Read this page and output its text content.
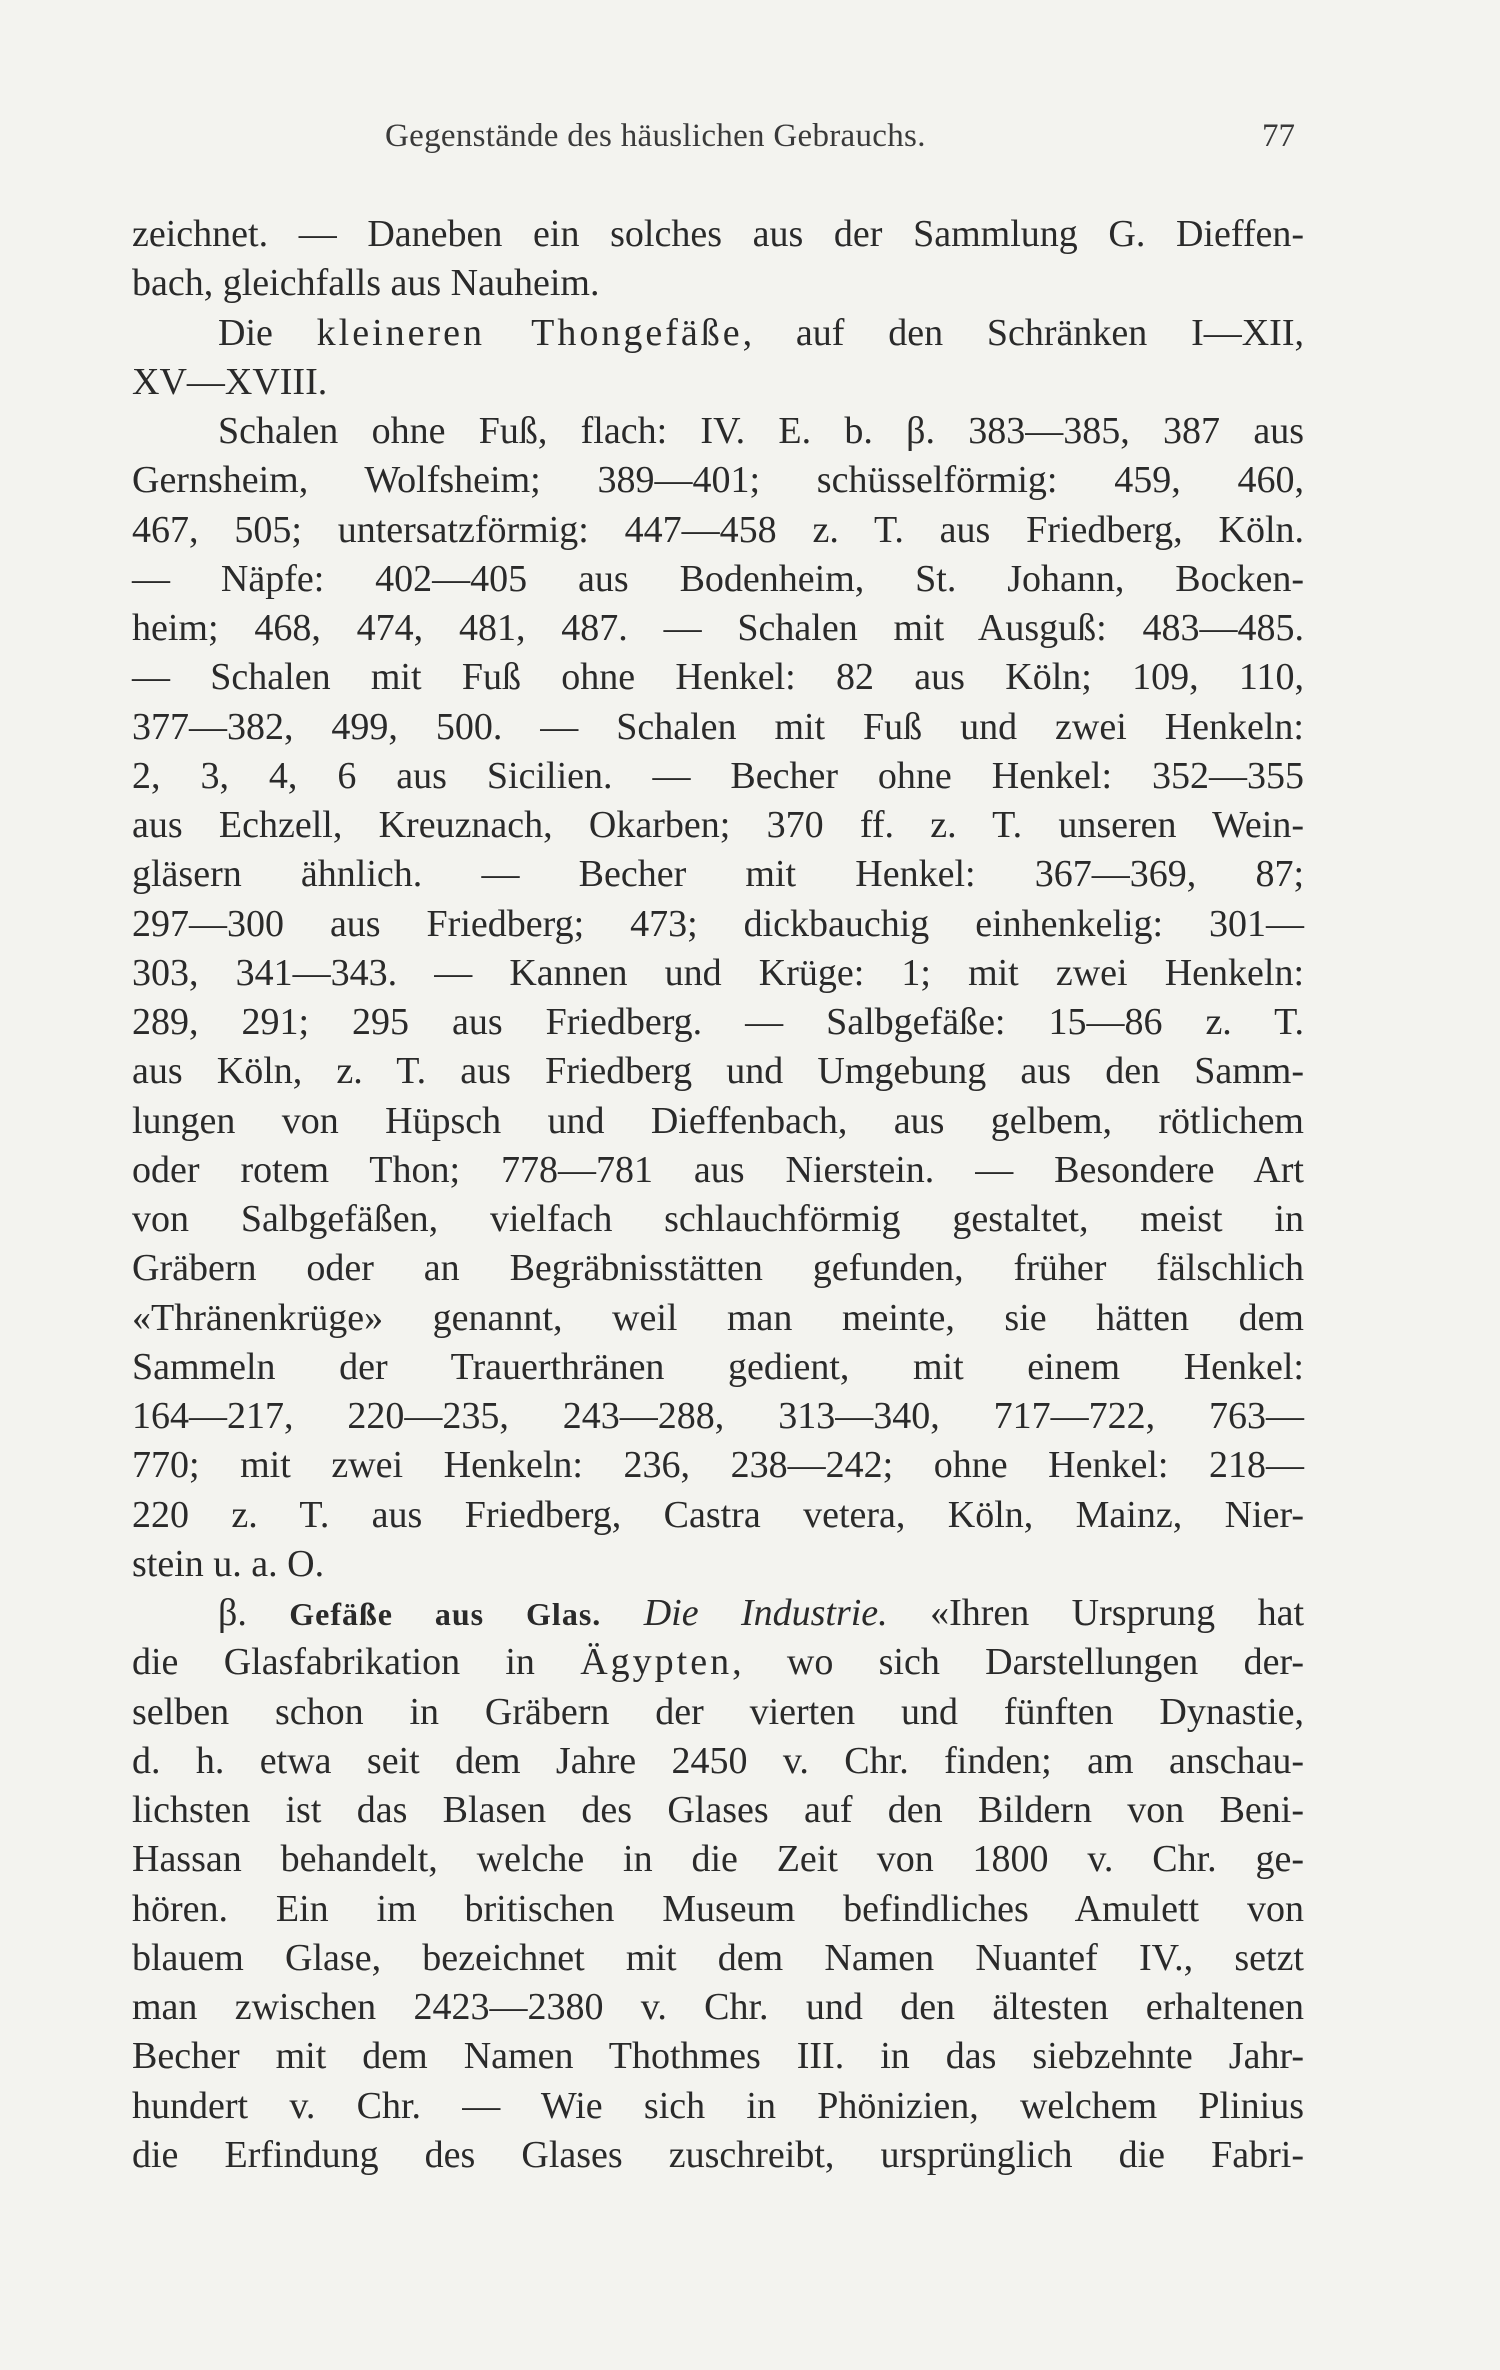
Gegenstände des häuslichen Gebrauchs.	77
zeichnet. — Daneben ein solches aus der Sammlung G. Dieffen-
bach, gleichfalls aus Nauheim.
Die kleineren Thongefäße, auf den Schränken I—XII,
XV—XVIII.
Schalen ohne Fuß, flach: IV. E. b. β. 383—385, 387 aus
Gernsheim, Wolfsheim; 389—401; schüsselförmig: 459, 460,
467, 505; untersatzförmig: 447—458 z. T. aus Friedberg, Köln.
— Näpfe: 402—405 aus Bodenheim, St. Johann, Bocken-
heim; 468, 474, 481, 487. — Schalen mit Ausguß: 483—485.
— Schalen mit Fuß ohne Henkel: 82 aus Köln; 109, 110,
377—382, 499, 500. — Schalen mit Fuß und zwei Henkeln:
2, 3, 4, 6 aus Sicilien. — Becher ohne Henkel: 352—355
aus Echzell, Kreuznach, Okarben; 370 ff. z. T. unseren Wein-
gläsern ähnlich. — Becher mit Henkel: 367—369, 87;
297—300 aus Friedberg; 473; dickbauchig einhenkelig: 301—
303, 341—343. — Kannen und Krüge: 1; mit zwei Henkeln:
289, 291; 295 aus Friedberg. — Salbgefäße: 15—86 z. T.
aus Köln, z. T. aus Friedberg und Umgebung aus den Samm-
lungen von Hüpsch und Dieffenbach, aus gelbem, rötlichem
oder rotem Thon; 778—781 aus Nierstein. — Besondere Art
von Salbgefäßen, vielfach schlauchförmig gestaltet, meist in
Gräbern oder an Begräbnisstätten gefunden, früher fälschlich
«Thränenkrüge» genannt, weil man meinte, sie hätten dem
Sammeln der Trauerthränen gedient, mit einem Henkel:
164—217, 220—235, 243—288, 313—340, 717—722, 763—
770; mit zwei Henkeln: 236, 238—242; ohne Henkel: 218—
220 z. T. aus Friedberg, Castra vetera, Köln, Mainz, Nier-
stein u. a. O.
β. Gefäße aus Glas. Die Industrie. «Ihren Ursprung hat
die Glasfabrikation in Ägypten, wo sich Darstellungen der-
selben schon in Gräbern der vierten und fünften Dynastie,
d. h. etwa seit dem Jahre 2450 v. Chr. finden; am anschau-
lichsten ist das Blasen des Glases auf den Bildern von Beni-
Hassan behandelt, welche in die Zeit von 1800 v. Chr. ge-
hören. Ein im britischen Museum befindliches Amulett von
blauem Glase, bezeichnet mit dem Namen Nuantef IV., setzt
man zwischen 2423—2380 v. Chr. und den ältesten erhaltenen
Becher mit dem Namen Thothmes III. in das siebzehnte Jahr-
hundert v. Chr. — Wie sich in Phönizien, welchem Plinius
die Erfindung des Glases zuschreibt, ursprünglich die Fabri-
